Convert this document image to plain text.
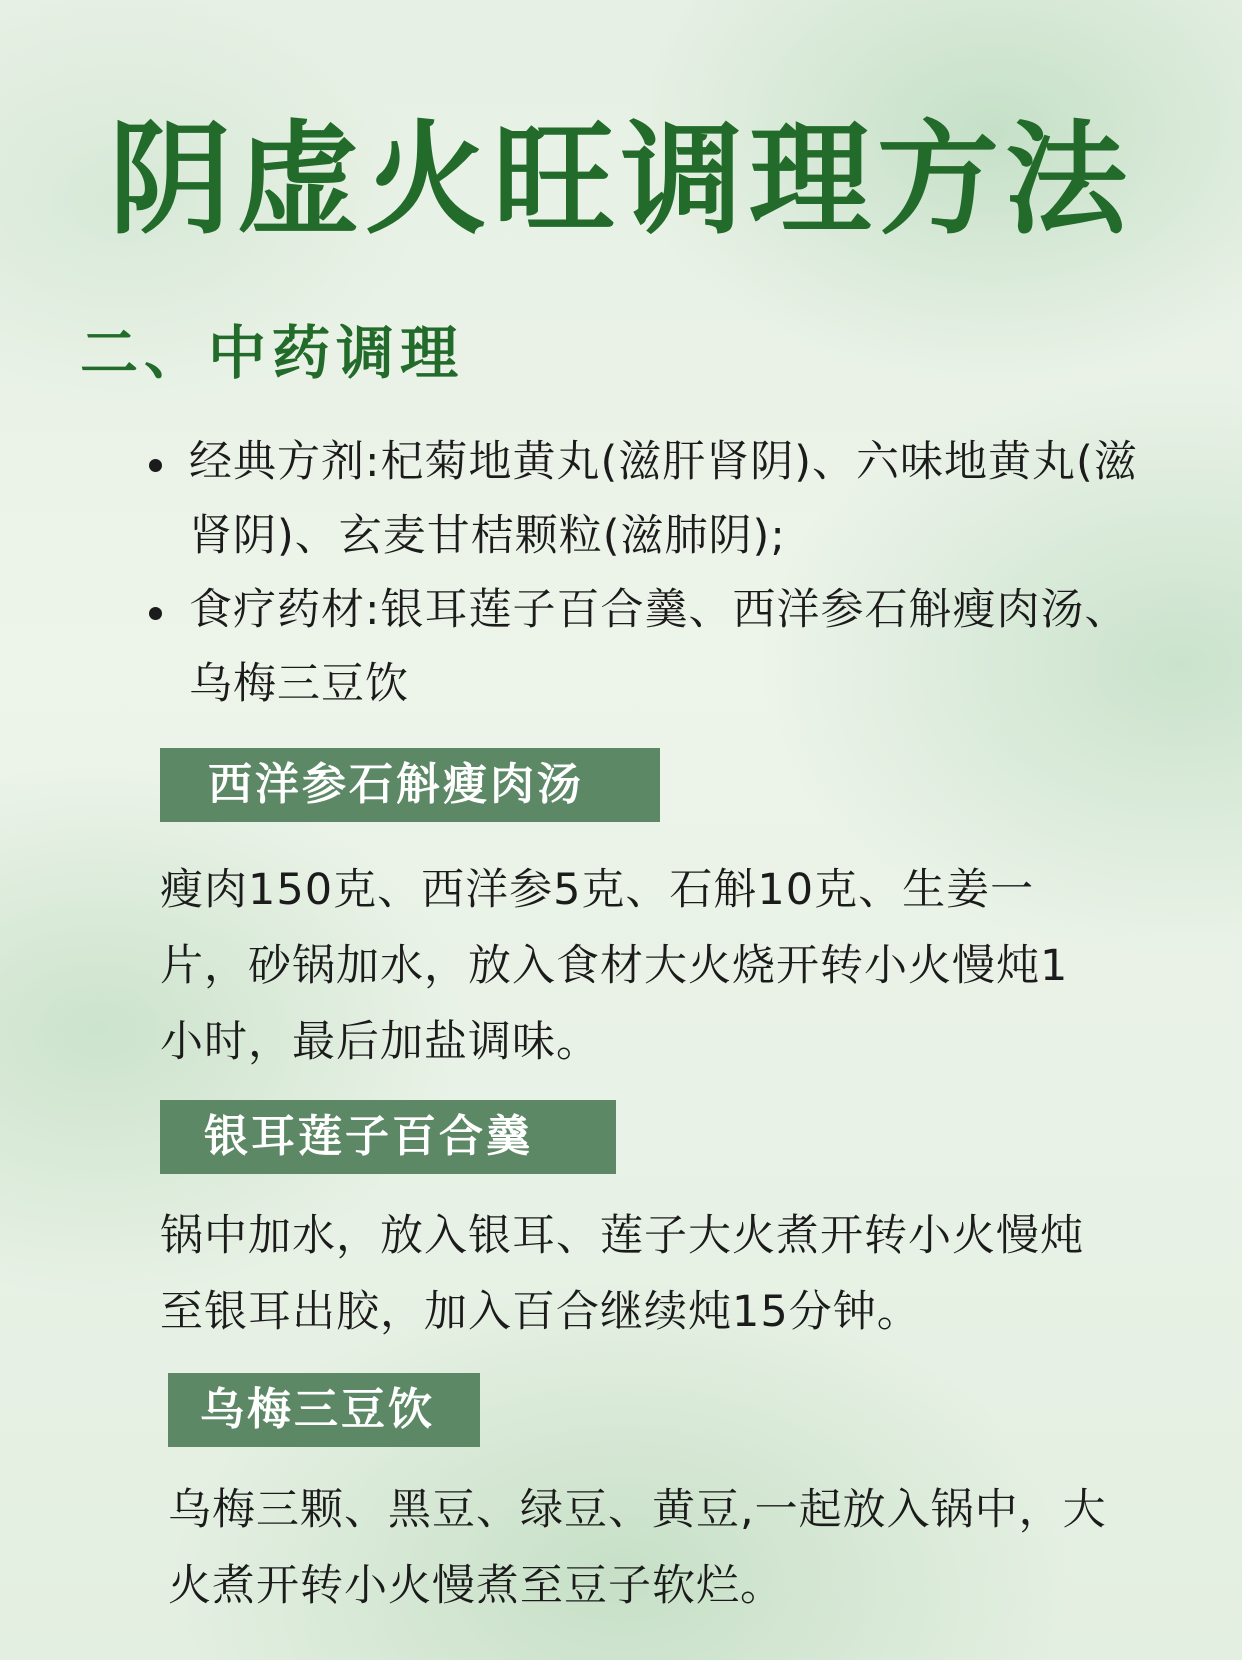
阴虚火旺调理方法
二、中药调理
经典方剂:杞菊地黄丸(滋肝肾阴)、六味地黄丸(滋肾阴)、玄麦甘桔颗粒(滋肺阴);
食疗药材:银耳莲子百合羹、西洋参石斛瘦肉汤、乌梅三豆饮
西洋参石斛瘦肉汤
瘦肉150克、西洋参5克、石斛10克、生姜一片，砂锅加水，放入食材大火烧开转小火慢炖1 小时，最后加盐调味。
银耳莲子百合羹
锅中加水，放入银耳、莲子大火煮开转小火慢炖至银耳出胶，加入百合继续炖15分钟。
乌梅三豆饮
乌梅三颗、黑豆、绿豆、黄豆,一起放入锅中，大火煮开转小火慢煮至豆子软烂。
